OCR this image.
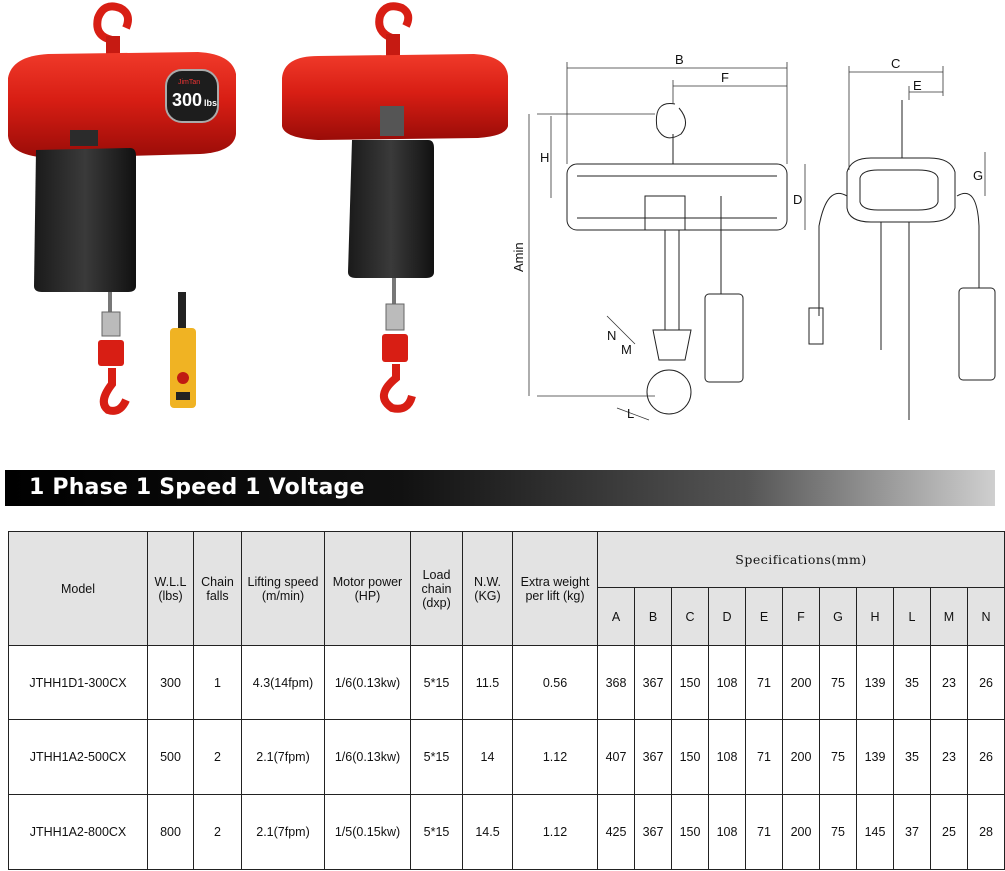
JimTan
300 lbs
B
F
Amin
H
D
C
E
G
N
M
L
1 Phase 1 Speed 1 Voltage
Model	W.L.L (lbs)	Chain falls	Lifting speed (m/min)	Motor power (HP)	Load chain (dxp)	N.W. (KG)	Extra weight per lift (kg)	Specifications(mm)										
								A	B	C	D	E	F	G	H	L	M	N
JTHH1D1-300CX	300	1	4.3(14fpm)	1/6(0.13kw)	5*15	11.5	0.56	368	367	150	108	71	200	75	139	35	23	26
JTHH1A2-500CX	500	2	2.1(7fpm)	1/6(0.13kw)	5*15	14	1.12	407	367	150	108	71	200	75	139	35	23	26
JTHH1A2-800CX	800	2	2.1(7fpm)	1/5(0.15kw)	5*15	14.5	1.12	425	367	150	108	71	200	75	145	37	25	28
